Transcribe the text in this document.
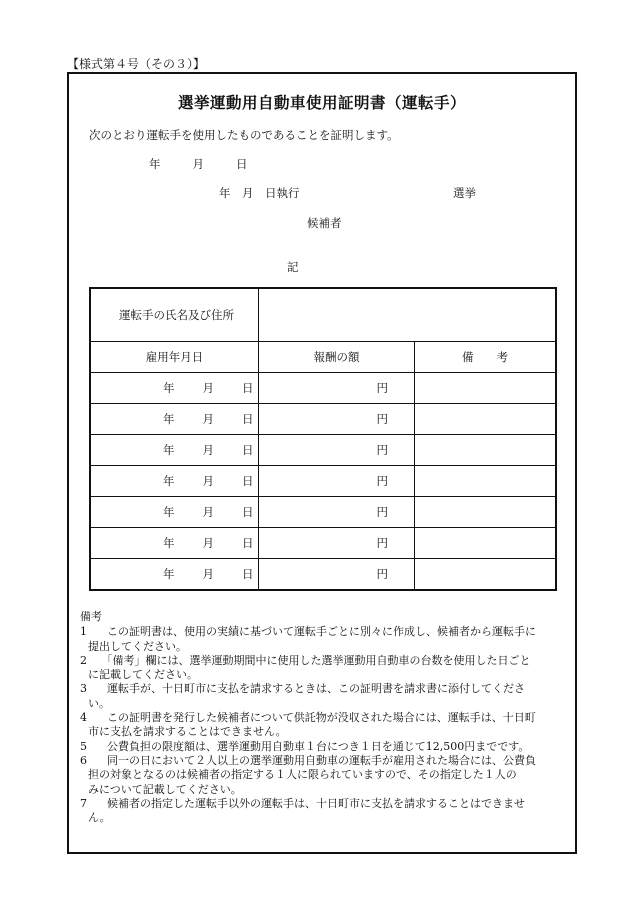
【様式第４号（その３）】
選挙運動用自動車使用証明書（運転手）
次のとおり運転手を使用したものであることを証明します。
年	月	日
年　月　日執行	選挙
候補者
記
運転手の氏名及び住所		
雇用年月日	報酬の額	備　　考
年 月 日	円	
年 月 日	円	
年 月 日	円	
年 月 日	円	
年 月 日	円	
年 月 日	円	
年 月 日	円	
備考
1　この証明書は、使用の実績に基づいて運転手ごとに別々に作成し、候補者から運転手に
提出してください。
2　「備考」欄には、選挙運動期間中に使用した選挙運動用自動車の台数を使用した日ごと
に記載してください。
3　運転手が、十日町市に支払を請求するときは、この証明書を請求書に添付してくださ
い。
4　この証明書を発行した候補者について供託物が没収された場合には、運転手は、十日町
市に支払を請求することはできません。
5　公費負担の限度額は、選挙運動用自動車１台につき１日を通じて12,500円までです。
6　同一の日において２人以上の選挙運動用自動車の運転手が雇用された場合には、公費負
担の対象となるのは候補者の指定する１人に限られていますので、その指定した１人の
みについて記載してください。
7　候補者の指定した運転手以外の運転手は、十日町市に支払を請求することはできませ
ん。
